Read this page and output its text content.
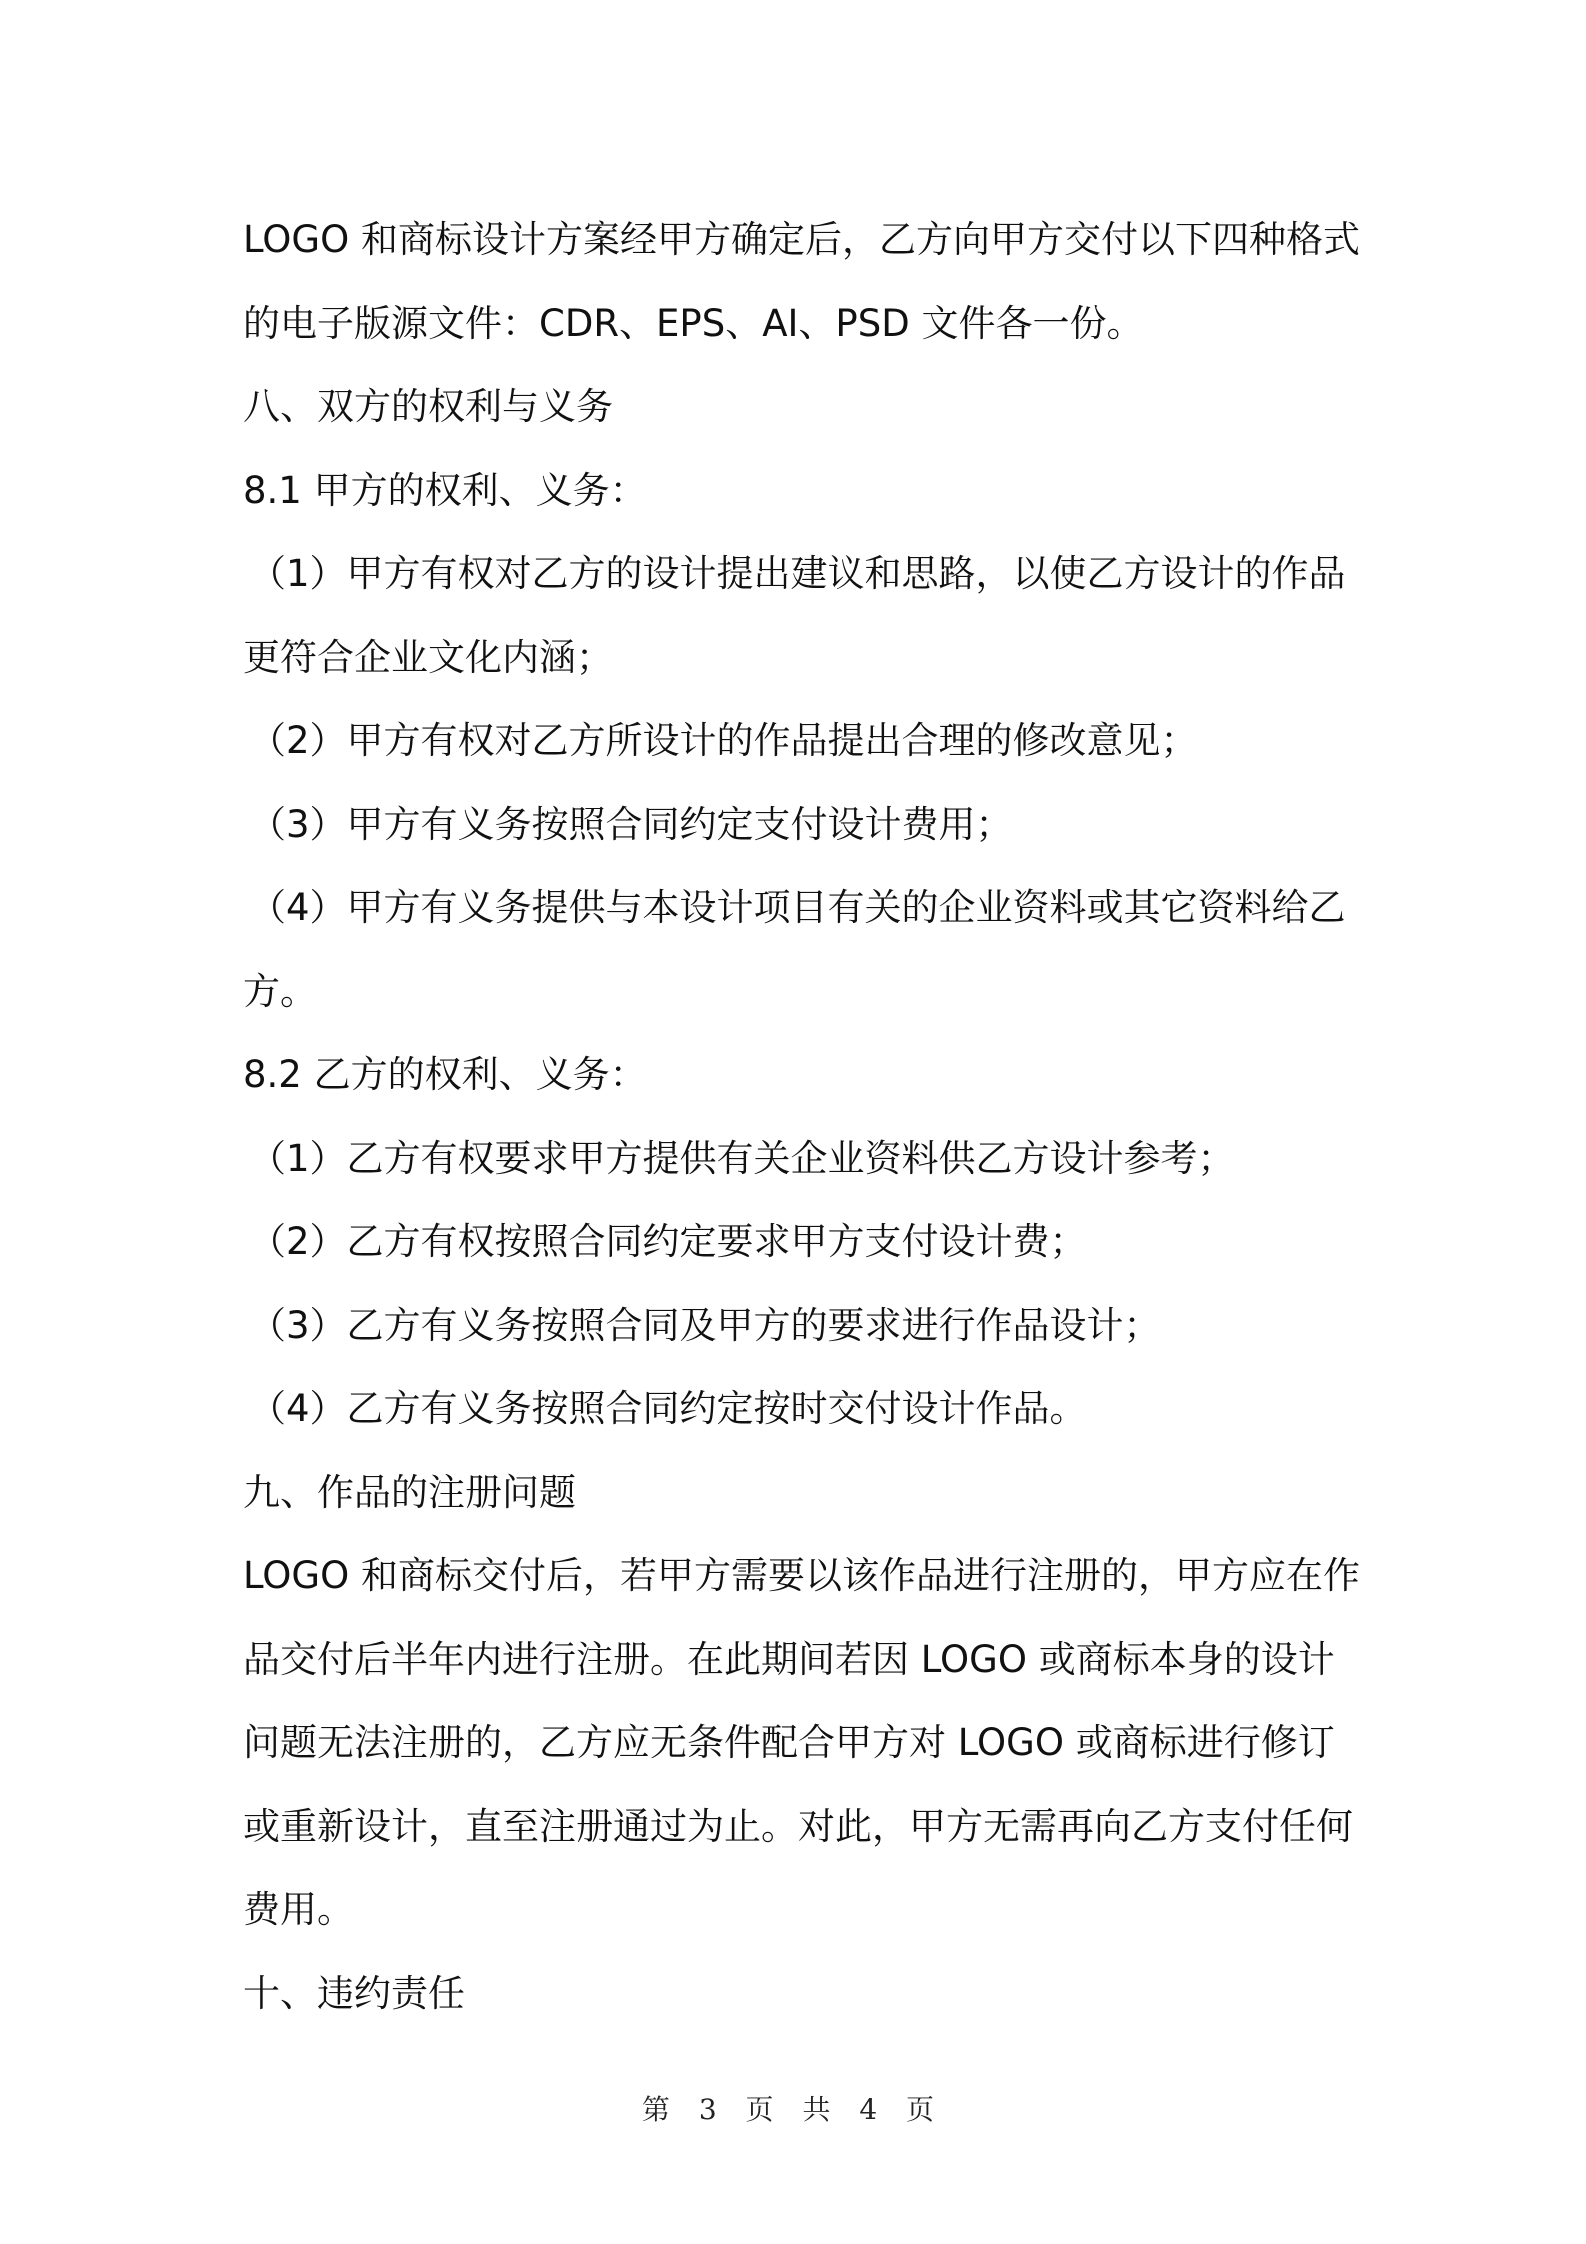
LOGO 和商标设计方案经甲方确定后，乙方向甲方交付以下四种格式
的电子版源文件：CDR、EPS、AI、PSD 文件各一份。
八、双方的权利与义务
8.1 甲方的权利、义务：
（1）甲方有权对乙方的设计提出建议和思路，以使乙方设计的作品
更符合企业文化内涵；
（2）甲方有权对乙方所设计的作品提出合理的修改意见；
（3）甲方有义务按照合同约定支付设计费用；
（4）甲方有义务提供与本设计项目有关的企业资料或其它资料给乙
方。
8.2 乙方的权利、义务：
（1）乙方有权要求甲方提供有关企业资料供乙方设计参考；
（2）乙方有权按照合同约定要求甲方支付设计费；
（3）乙方有义务按照合同及甲方的要求进行作品设计；
（4）乙方有义务按照合同约定按时交付设计作品。
九、作品的注册问题
LOGO 和商标交付后，若甲方需要以该作品进行注册的，甲方应在作
品交付后半年内进行注册。在此期间若因 LOGO 或商标本身的设计
问题无法注册的，乙方应无条件配合甲方对 LOGO 或商标进行修订
或重新设计，直至注册通过为止。对此，甲方无需再向乙方支付任何
费用。
十、违约责任
第 3 页 共 4 页
